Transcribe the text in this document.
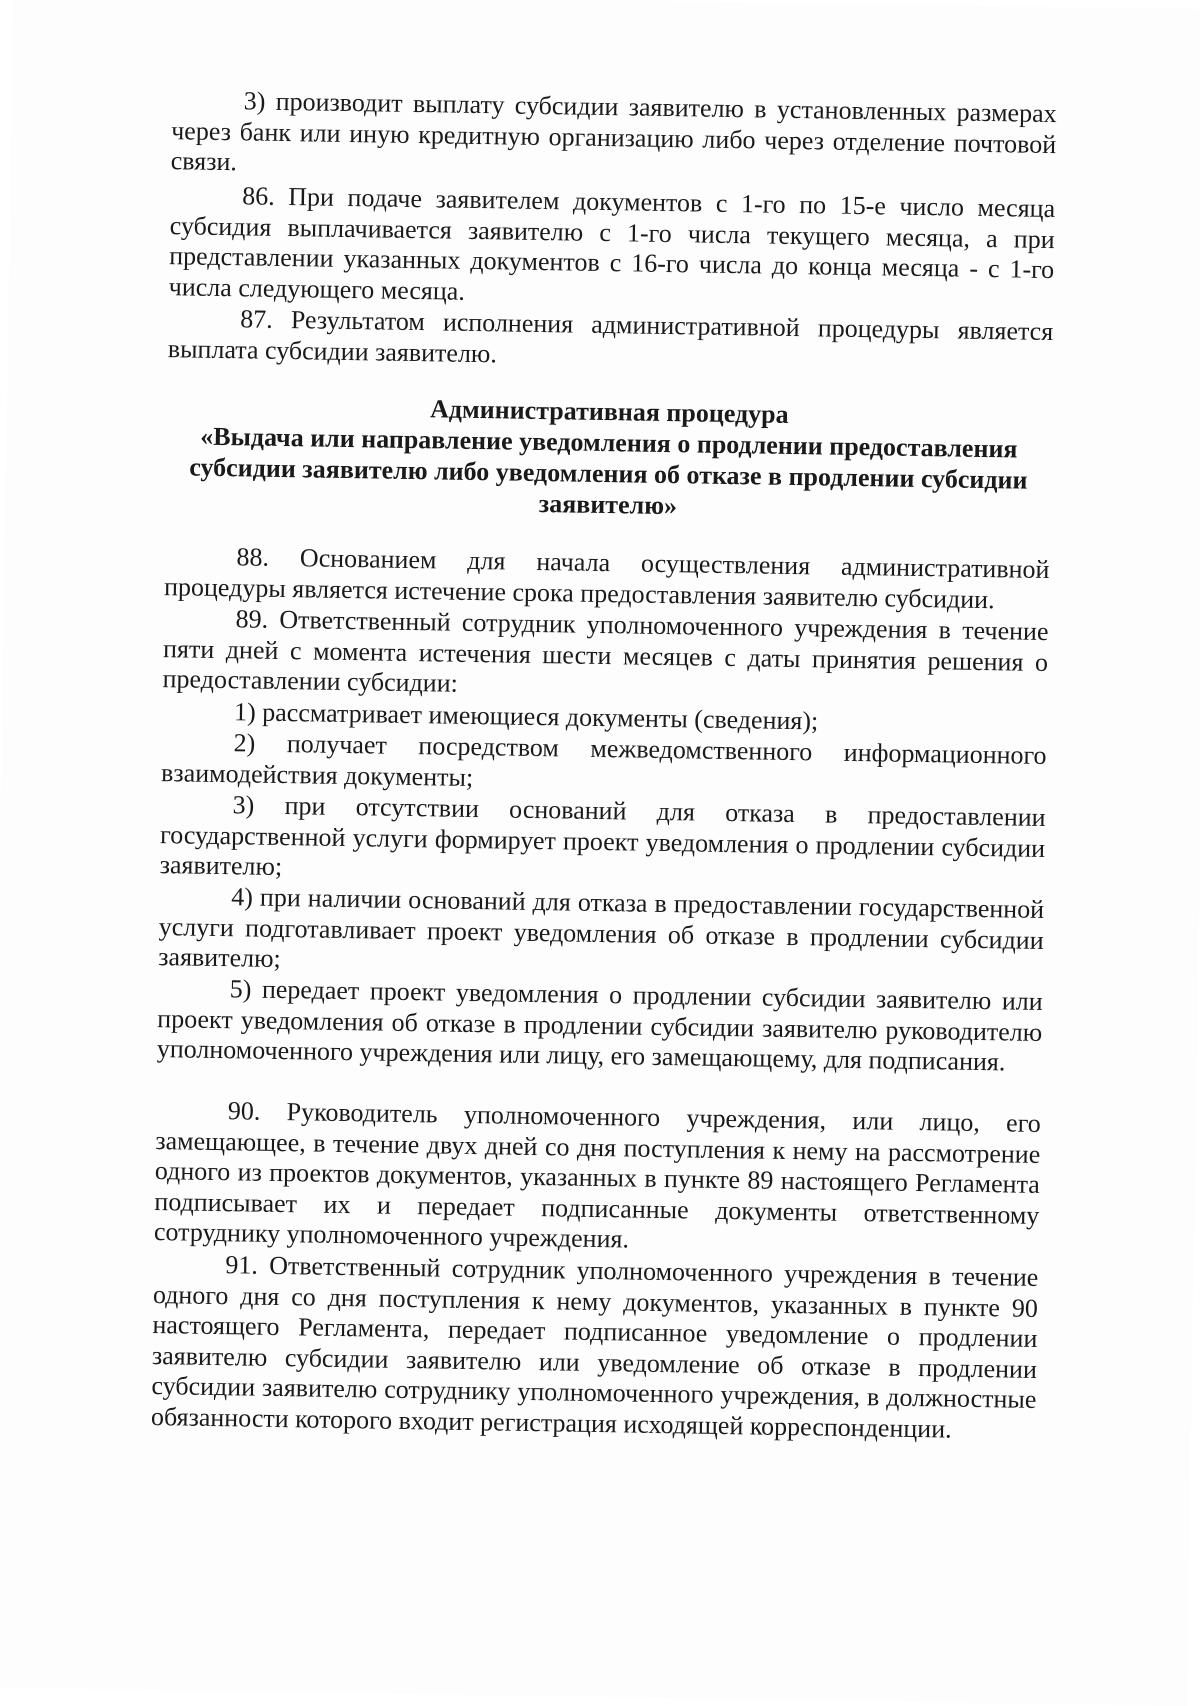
3) производит выплату субсидии заявителю в установленных размерах через банк или иную кредитную организацию либо через отделение почтовой связи.

86. При подаче заявителем документов с 1-го по 15-е число месяца субсидия выплачивается заявителю с 1-го числа текущего месяца, а при представлении указанных документов с 16-го числа до конца месяца - с 1-го числа следующего месяца.

87. Результатом исполнения административной процедуры является выплата субсидии заявителю.

Административная процедура
«Выдача или направление уведомления о продлении предоставления
субсидии заявителю либо уведомления об отказе в продлении субсидии
заявителю»

88. Основанием для начала осуществления административной процедуры является истечение срока предоставления заявителю субсидии.

89. Ответственный сотрудник уполномоченного учреждения в течение пяти дней с момента истечения шести месяцев с даты принятия решения о предоставлении субсидии:

1) рассматривает имеющиеся документы (сведения);

2) получает посредством межведомственного информационного взаимодействия документы;

3) при отсутствии оснований для отказа в предоставлении государственной услуги формирует проект уведомления о продлении субсидии заявителю;

4) при наличии оснований для отказа в предоставлении государственной услуги подготавливает проект уведомления об отказе в продлении субсидии заявителю;

5) передает проект уведомления о продлении субсидии заявителю или проект уведомления об отказе в продлении субсидии заявителю руководителю уполномоченного учреждения или лицу, его замещающему, для подписания.

90. Руководитель уполномоченного учреждения, или лицо, его замещающее, в течение двух дней со дня поступления к нему на рассмотрение одного из проектов документов, указанных в пункте 89 настоящего Регламента подписывает их и передает подписанные документы ответственному сотруднику уполномоченного учреждения.

91. Ответственный сотрудник уполномоченного учреждения в течение одного дня со дня поступления к нему документов, указанных в пункте 90 настоящего Регламента, передает подписанное уведомление о продлении заявителю субсидии заявителю или уведомление об отказе в продлении субсидии заявителю сотруднику уполномоченного учреждения, в должностные обязанности которого входит регистрация исходящей корреспонденции.
